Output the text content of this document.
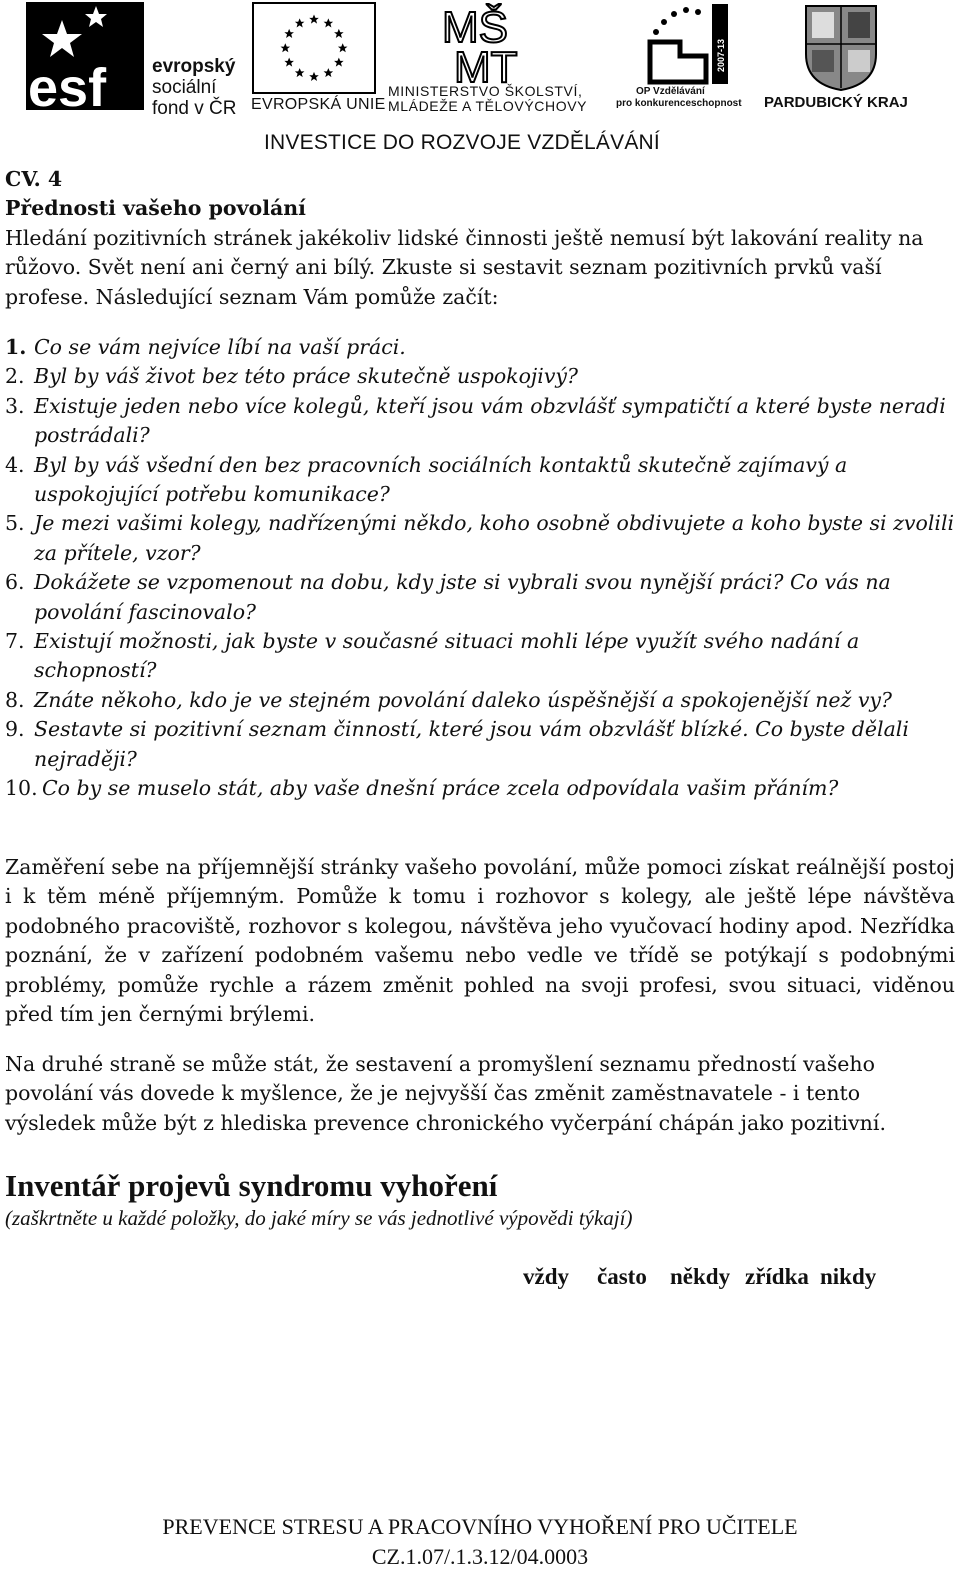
esf evropský
sociální
fond v ČR EVROPSKÁ UNIE
MŠ
MT
MINISTERSTVO ŠKOLSTVÍ,
MLÁDEŽE A TĚLOVÝCHOVY
2007-13
OP Vzdělávání
pro konkurenceschopnost PARDUBICKÝ KRAJ
INVESTICE DO ROZVOJE VZDĚLÁVÁNÍ

CV. 4

Přednosti vašeho povolání

Hledání pozitivních stránek jakékoliv lidské činnosti ještě nemusí být lakování reality na růžovo. Svět není ani černý ani bílý. Zkuste si sestavit seznam pozitivních prvků vaší profese. Následující seznam Vám pomůže začít:

1. Co se vám nejvíce líbí na vaší práci.
2. Byl by váš život bez této práce skutečně uspokojivý?
3. Existuje jeden nebo více kolegů, kteří jsou vám obzvlášť sympatičtí a které byste neradi postrádali?
4. Byl by váš všední den bez pracovních sociálních kontaktů skutečně zajímavý a uspokojující potřebu komunikace?
5. Je mezi vašimi kolegy, nadřízenými někdo, koho osobně obdivujete a koho byste si zvolili za přítele, vzor?
6. Dokážete se vzpomenout na dobu, kdy jste si vybrali svou nynější práci? Co vás na povolání fascinovalo?
7. Existují možnosti, jak byste v současné situaci mohli lépe využít svého nadání a schopností?
8. Znáte někoho, kdo je ve stejném povolání daleko úspěšnější a spokojenější než vy?
9. Sestavte si pozitivní seznam činností, které jsou vám obzvlášť blízké. Co byste dělali nejraději?
10. Co by se muselo stát, aby vaše dnešní práce zcela odpovídala vašim přáním?

Zaměření sebe na příjemnější stránky vašeho povolání, může pomoci získat reálnější postoj i k těm méně příjemným. Pomůže k tomu i rozhovor s kolegy, ale ještě lépe návštěva podobného pracoviště, rozhovor s kolegou, návštěva jeho vyučovací hodiny apod. Nezřídka poznání, že v zařízení podobném vašemu nebo vedle ve třídě se potýkají s podobnými problémy, pomůže rychle a rázem změnit pohled na svoji profesi, svou situaci, viděnou před tím jen černými brýlemi.

Na druhé straně se může stát, že sestavení a promyšlení seznamu předností vašeho povolání vás dovede k myšlence, že je nejvyšší čas změnit zaměstnavatele - i tento výsledek může být z hlediska prevence chronického vyčerpání chápán jako pozitivní.

Inventář projevů syndromu vyhoření

(zaškrtněte u každé položky, do jaké míry se vás jednotlivé výpovědi týkají)

vždy často někdy zřídka nikdy
PREVENCE STRESU A PRACOVNÍHO VYHOŘENÍ PRO UČITELE
CZ.1.07/.1.3.12/04.0003
